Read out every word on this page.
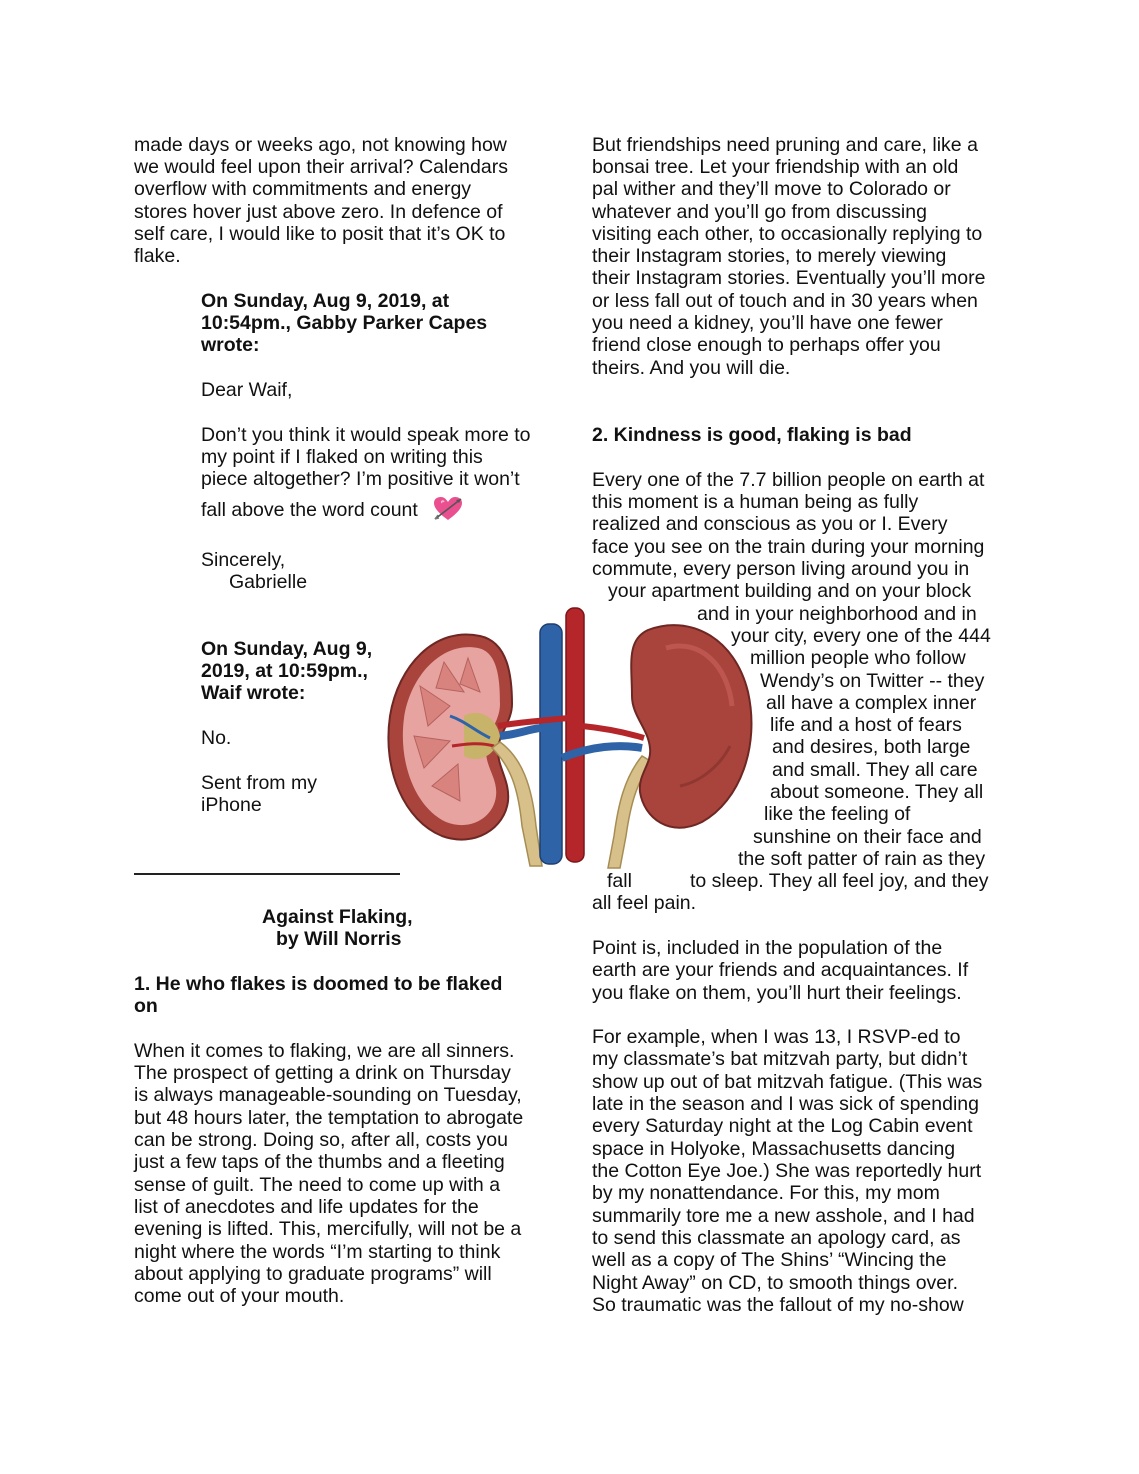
made days or weeks ago, not knowing how
we would feel upon their arrival? Calendars
overflow with commitments and energy
stores hover just above zero. In defence of
self care, I would like to posit that it’s OK to
flake.
On Sunday, Aug 9, 2019, at
10:54pm., Gabby Parker Capes
wrote:
Dear Waif,
Don’t you think it would speak more to
my point if I flaked on writing this
piece altogether? I’m positive it won’t
fall above the word count
Sincerely,
Gabrielle
On Sunday, Aug 9,
2019, at 10:59pm.,
Waif wrote:
No.
Sent from my
iPhone
Against Flaking,
by Will Norris
1. He who flakes is doomed to be flaked
on
When it comes to flaking, we are all sinners.
The prospect of getting a drink on Thursday
is always manageable-sounding on Tuesday,
but 48 hours later, the temptation to abrogate
can be strong. Doing so, after all, costs you
just a few taps of the thumbs and a fleeting
sense of guilt. The need to come up with a
list of anecdotes and life updates for the
evening is lifted. This, mercifully, will not be a
night where the words “I’m starting to think
about applying to graduate programs” will
come out of your mouth.
But friendships need pruning and care, like a
bonsai tree. Let your friendship with an old
pal wither and they’ll move to Colorado or
whatever and you’ll go from discussing
visiting each other, to occasionally replying to
their Instagram stories, to merely viewing
their Instagram stories. Eventually you’ll more
or less fall out of touch and in 30 years when
you need a kidney, you’ll have one fewer
friend close enough to perhaps offer you
theirs. And you will die.
2. Kindness is good, flaking is bad
Every one of the 7.7 billion people on earth at
this moment is a human being as fully
realized and conscious as you or I. Every
face you see on the train during your morning
commute, every person living around you in
your apartment building and on your block
and in your neighborhood and in
your city, every one of the 444
million people who follow
Wendy’s on Twitter -- they
all have a complex inner
life and a host of fears
and desires, both large
and small. They all care
about someone. They all
like the feeling of
sunshine on their face and
the soft patter of rain as they
fall	to sleep. They all feel joy, and they
all feel pain.
Point is, included in the population of the
earth are your friends and acquaintances. If
you flake on them, you’ll hurt their feelings.
For example, when I was 13, I RSVP-ed to
my classmate’s bat mitzvah party, but didn’t
show up out of bat mitzvah fatigue. (This was
late in the season and I was sick of spending
every Saturday night at the Log Cabin event
space in Holyoke, Massachusetts dancing
the Cotton Eye Joe.) She was reportedly hurt
by my nonattendance. For this, my mom
summarily tore me a new asshole, and I had
to send this classmate an apology card, as
well as a copy of The Shins’ “Wincing the
Night Away” on CD, to smooth things over.
So traumatic was the fallout of my no-show
